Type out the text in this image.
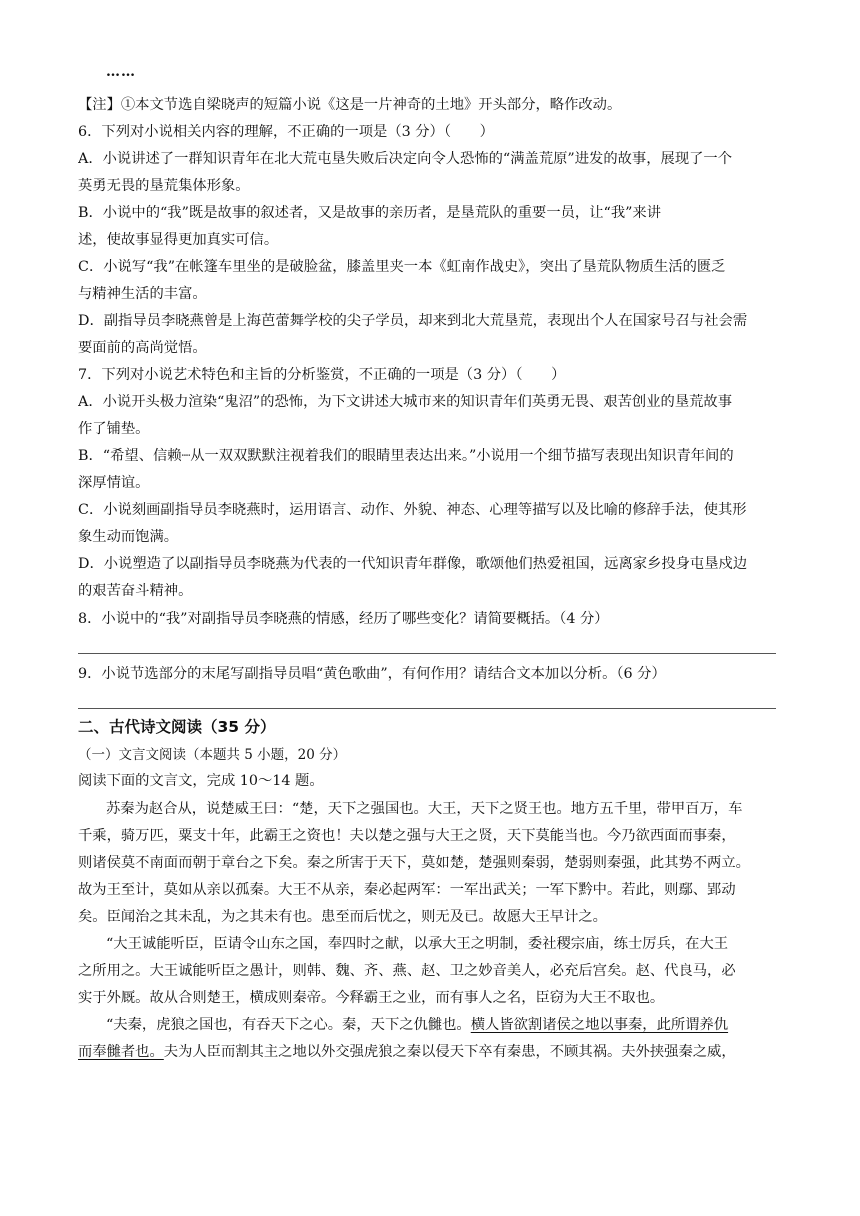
……
【注】①本文节选自梁晓声的短篇小说《这是一片神奇的土地》开头部分，略作改动。
6．下列对小说相关内容的理解，不正确的一项是（3 分）（　　）
A．小说讲述了一群知识青年在北大荒屯垦失败后决定向令人恐怖的“满盖荒原”进发的故事，展现了一个
英勇无畏的垦荒集体形象。
B．小说中的“我”既是故事的叙述者，又是故事的亲历者，是垦荒队的重要一员，让“我”来讲
述，使故事显得更加真实可信。
C．小说写“我”在帐篷车里坐的是破脸盆，膝盖里夹一本《虹南作战史》，突出了垦荒队物质生活的匮乏
与精神生活的丰富。
D．副指导员李晓燕曾是上海芭蕾舞学校的尖子学员，却来到北大荒垦荒，表现出个人在国家号召与社会需
要面前的高尚觉悟。
7．下列对小说艺术特色和主旨的分析鉴赏，不正确的一项是（3 分）（　　）
A．小说开头极力渲染“鬼沼”的恐怖，为下文讲述大城市来的知识青年们英勇无畏、艰苦创业的垦荒故事
作了铺垫。
B．“希望、信赖┈从一双双默默注视着我们的眼睛里表达出来。”小说用一个细节描写表现出知识青年间的
深厚情谊。
C．小说刻画副指导员李晓燕时，运用语言、动作、外貌、神态、心理等描写以及比喻的修辞手法，使其形
象生动而饱满。
D．小说塑造了以副指导员李晓燕为代表的一代知识青年群像，歌颂他们热爱祖国，远离家乡投身屯垦戍边
的艰苦奋斗精神。
8．小说中的“我”对副指导员李晓燕的情感，经历了哪些变化？请简要概括。（4 分）
9．小说节选部分的末尾写副指导员唱“黄色歌曲”，有何作用？请结合文本加以分析。（6 分）
二、古代诗文阅读（35 分）
（一）文言文阅读（本题共 5 小题，20 分）
阅读下面的文言文，完成 10～14 题。
苏秦为赵合从，说楚威王曰：“楚，天下之强国也。大王，天下之贤王也。地方五千里，带甲百万，车
千乘，骑万匹，粟支十年，此霸王之资也！夫以楚之强与大王之贤，天下莫能当也。今乃欲西面而事秦，
则诸侯莫不南面而朝于章台之下矣。秦之所害于天下，莫如楚，楚强则秦弱，楚弱则秦强，此其势不两立。
故为王至计，莫如从亲以孤秦。大王不从亲，秦必起两军：一军出武关；一军下黔中。若此，则鄢、郢动
矣。臣闻治之其未乱，为之其未有也。患至而后忧之，则无及已。故愿大王早计之。
“大王诚能听臣，臣请令山东之国，奉四时之献，以承大王之明制，委社稷宗庙，练士厉兵，在大王
之所用之。大王诚能听臣之愚计，则韩、魏、齐、燕、赵、卫之妙音美人，必充后宫矣。赵、代良马，必
实于外厩。故从合则楚王，横成则秦帝。今释霸王之业，而有事人之名，臣窃为大王不取也。
“夫秦，虎狼之国也，有吞天下之心。秦，天下之仇雠也。横人皆欲割诸侯之地以事秦，此所谓养仇
而奉雠者也。夫为人臣而割其主之地以外交强虎狼之秦以侵天下卒有秦患，不顾其祸。夫外挟强秦之威，
